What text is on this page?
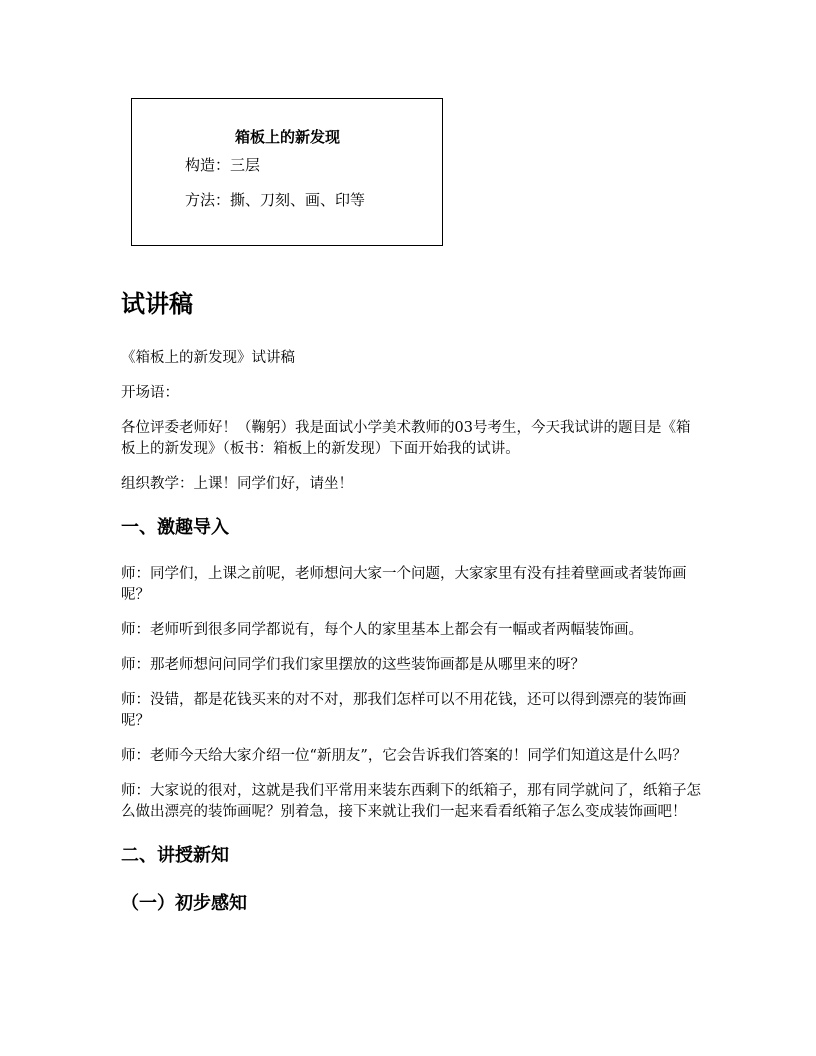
箱板上的新发现
构造：三层
方法：撕、刀刻、画、印等
试讲稿
《箱板上的新发现》试讲稿
开场语：
各位评委老师好！（鞠躬）我是面试小学美术教师的03号考生，今天我试讲的题目是《箱板上的新发现》（板书：箱板上的新发现）下面开始我的试讲。
组织教学：上课！同学们好，请坐！
一、激趣导入
师：同学们，上课之前呢，老师想问大家一个问题，大家家里有没有挂着壁画或者装饰画呢？
师：老师听到很多同学都说有，每个人的家里基本上都会有一幅或者两幅装饰画。
师：那老师想问问同学们我们家里摆放的这些装饰画都是从哪里来的呀？
师：没错，都是花钱买来的对不对，那我们怎样可以不用花钱，还可以得到漂亮的装饰画呢？
师：老师今天给大家介绍一位“新朋友”，它会告诉我们答案的！同学们知道这是什么吗？
师：大家说的很对，这就是我们平常用来装东西剩下的纸箱子，那有同学就问了，纸箱子怎么做出漂亮的装饰画呢？别着急，接下来就让我们一起来看看纸箱子怎么变成装饰画吧！
二、讲授新知
（一）初步感知
